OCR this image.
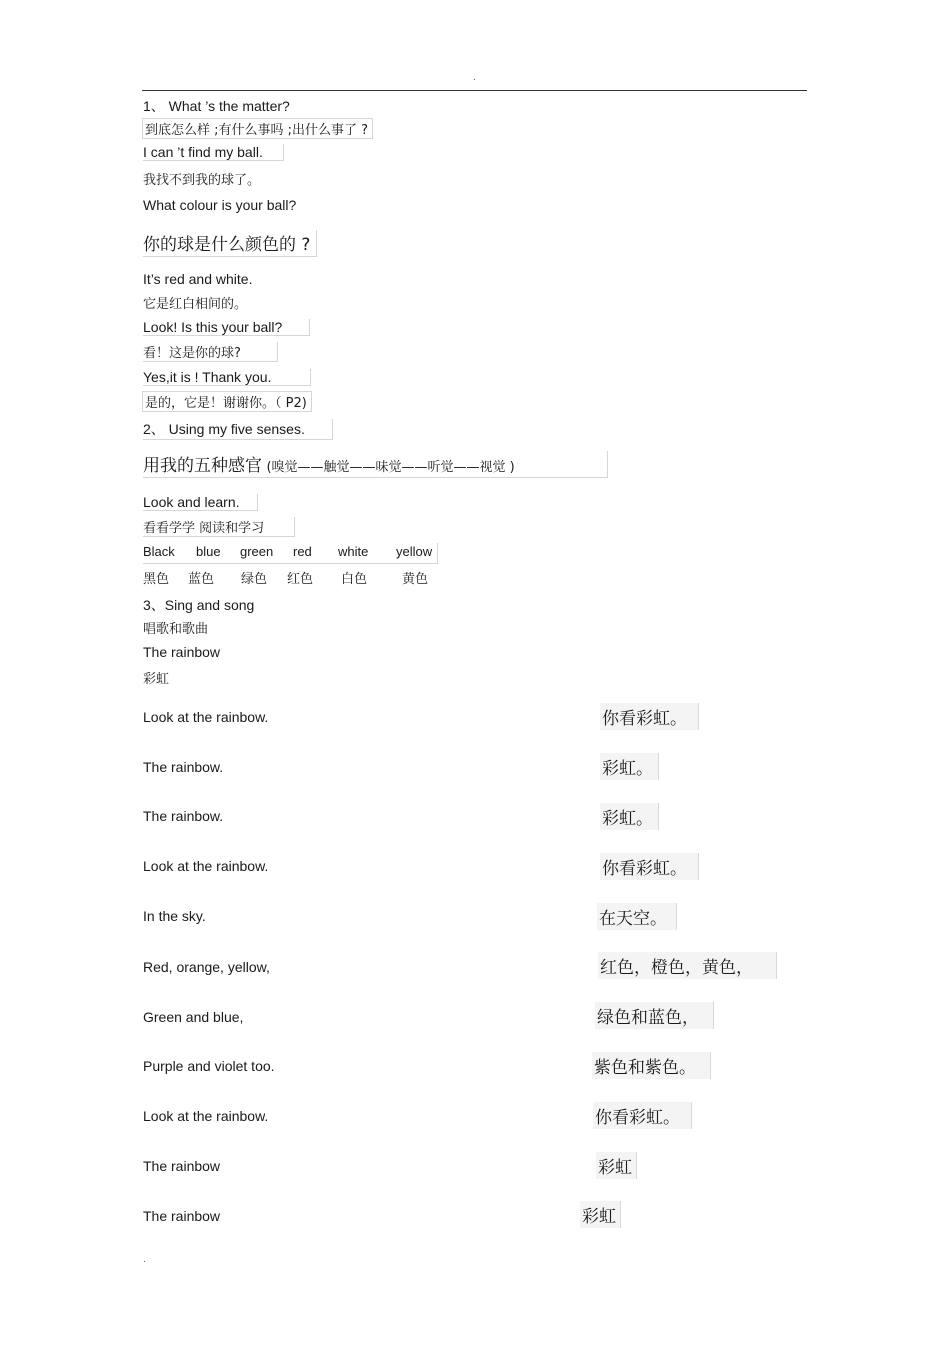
.
1、 What ’s the matter?
到底怎么样 ;有什么事吗 ;出什么事了 ?
I can ’t find my ball.
我找不到我的球了。
What colour is your ball?
你的球是什么颜色的 ?
It’s red and white.
它是红白相间的。
Look! Is this your ball?
看！这是你的球?
Yes,it is ! Thank you.
是的，它是！谢谢你。（ P2)
2、 Using my five senses.
用我的五种感官 (嗅觉——触觉——味觉——听觉——视觉 )
Look and learn.
看看学学 阅读和学习
Black blue green red white yellow
黑色 蓝色 绿色 红色 白色	黄色
3、Sing and song
唱歌和歌曲
The rainbow
彩虹
Look at the rainbow.	你看彩虹。
The rainbow.	彩虹。
The rainbow.	彩虹。
Look at the rainbow.	你看彩虹。
In the sky.	在天空。
Red, orange, yellow,	红色，橙色，黄色，
Green and blue,	绿色和蓝色，
Purple and violet too.	紫色和紫色。
Look at the rainbow.	你看彩虹。
The rainbow	彩虹
The rainbow	彩虹
.
